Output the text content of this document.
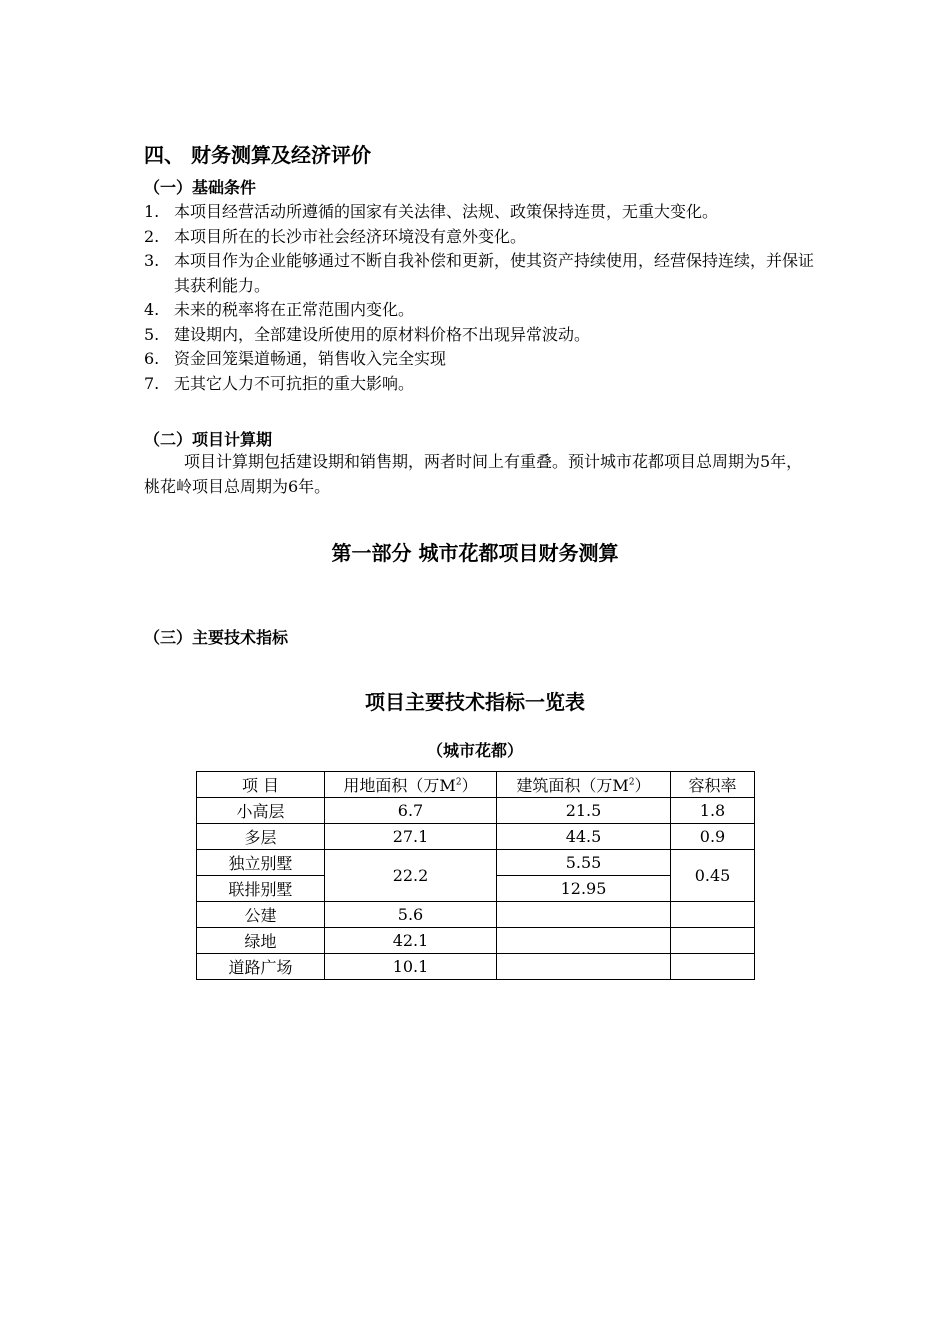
四、 财务测算及经济评价
（一）基础条件
1. 本项目经营活动所遵循的国家有关法律、法规、政策保持连贯，无重大变化。
2. 本项目所在的长沙市社会经济环境没有意外变化。
3. 本项目作为企业能够通过不断自我补偿和更新，使其资产持续使用，经营保持连续，并保证其获利能力。
4. 未来的税率将在正常范围内变化。
5. 建设期内，全部建设所使用的原材料价格不出现异常波动。
6. 资金回笼渠道畅通，销售收入完全实现
7. 无其它人力不可抗拒的重大影响。
（二）项目计算期

项目计算期包括建设期和销售期，两者时间上有重叠。预计城市花都项目总周期为5年，桃花岭项目总周期为6年。

第一部分 城市花都项目财务测算
（三）主要技术指标
项目主要技术指标一览表
（城市花都）
项 目	用地面积（万$M^2$）	建筑面积（万$M^2$）	容积率
小高层	6.7	21.5	1.8
多层	27.1	44.5	0.9
独立别墅	22.2	5.55	0.45
联排别墅		12.95	
公建	5.6		
绿地	42.1		
道路广场	10.1		
